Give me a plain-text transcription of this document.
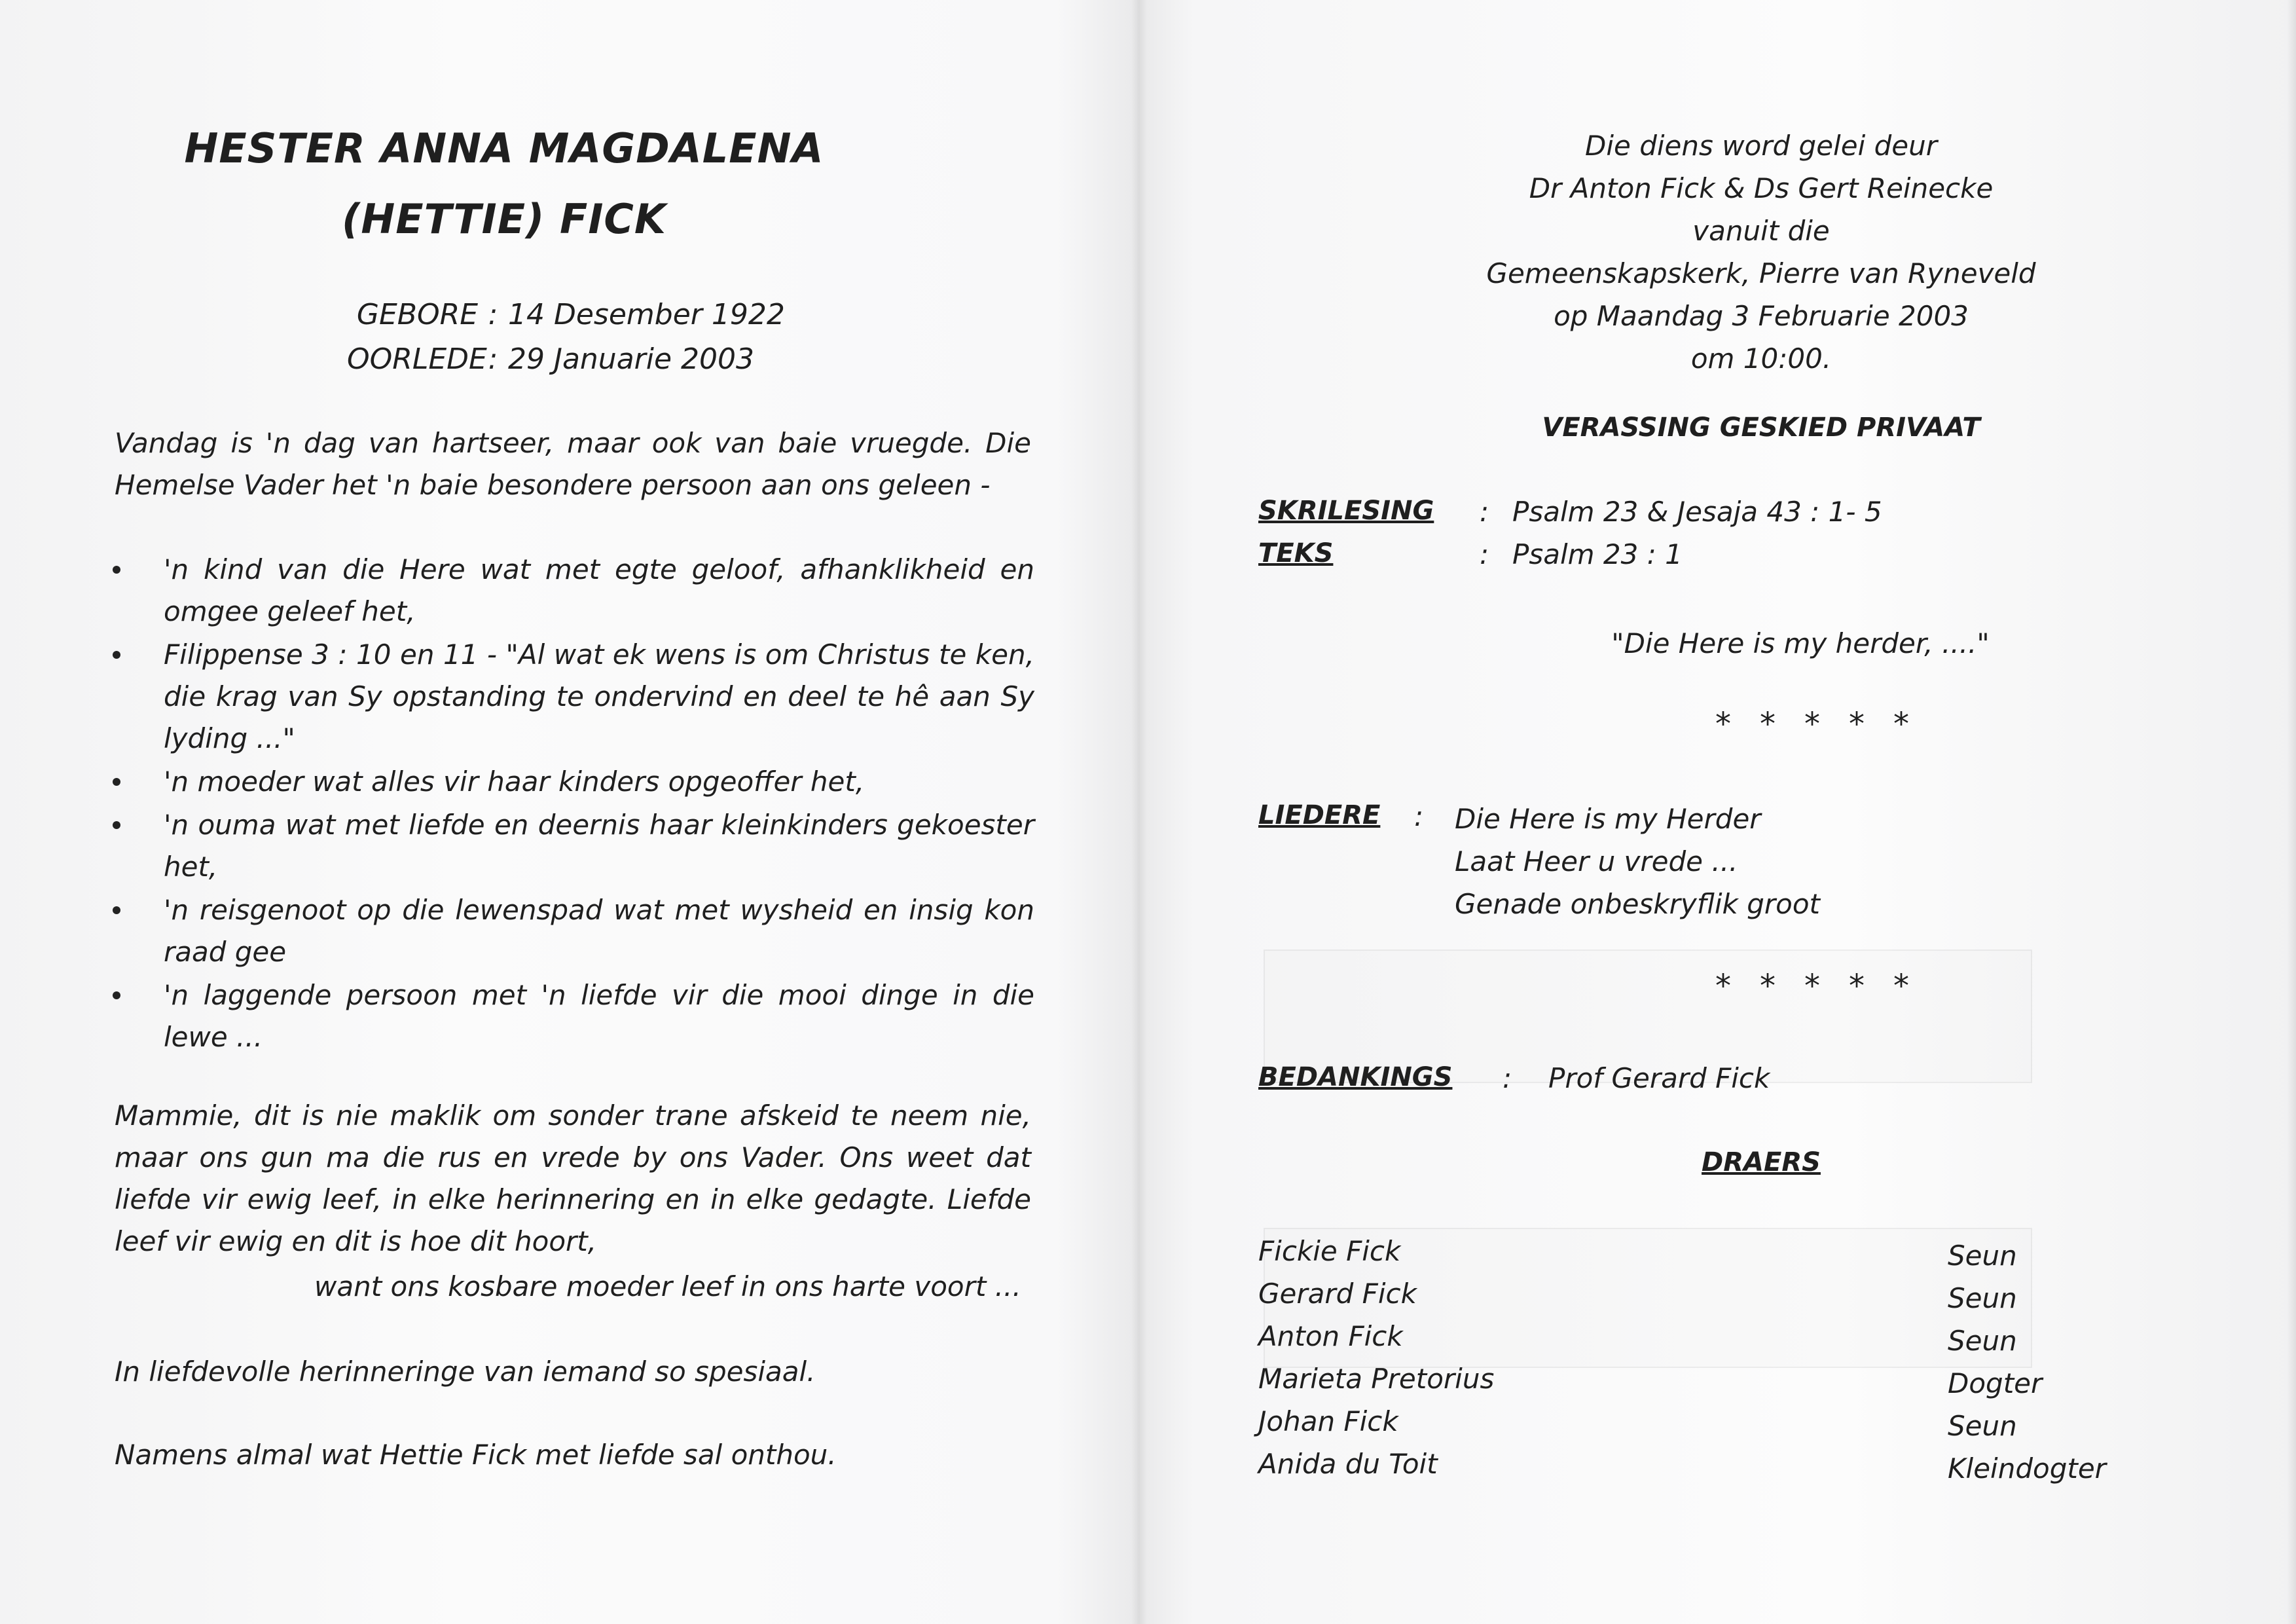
HESTER ANNA MAGDALENA
(HETTIE) FICK
GEBORE : 14 Desember 1922
OORLEDE: 29 Januarie 2003
Vandag is 'n dag van hartseer, maar ook van baie vruegde. Die Hemelse Vader het 'n baie besondere persoon aan ons geleen -
'n kind van die Here wat met egte geloof, afhanklikheid en omgee geleef het,
Filippense 3 : 10 en 11 - "Al wat ek wens is om Christus te ken, die krag van Sy opstanding te ondervind en deel te hê aan Sy lyding ..."
'n moeder wat alles vir haar kinders opgeoffer het,
'n ouma wat met liefde en deernis haar kleinkinders gekoester het,
'n reisgenoot op die lewenspad wat met wysheid en insig kon raad gee
'n laggende persoon met 'n liefde vir die mooi dinge in die lewe ...
Mammie, dit is nie maklik om sonder trane afskeid te neem nie, maar ons gun ma die rus en vrede by ons Vader. Ons weet dat liefde vir ewig leef, in elke herinnering en in elke gedagte. Liefde leef vir ewig en dit is hoe dit hoort,
want ons kosbare moeder leef in ons harte voort ...
In liefdevolle herinneringe van iemand so spesiaal.
Namens almal wat Hettie Fick met liefde sal onthou.
Die diens word gelei deur
Dr Anton Fick & Ds Gert Reinecke
vanuit die
Gemeenskapskerk, Pierre van Ryneveld
op Maandag 3 Februarie 2003
om 10:00.
VERASSING GESKIED PRIVAAT
SKRILESING : Psalm 23 & Jesaja 43 : 1- 5
TEKS	: Psalm 23 : 1
"Die Here is my herder, ...."
*****
LIEDERE : Die Here is my Herder
Laat Heer u vrede ...
Genade onbeskryflik groot
*****
BEDANKINGS : Prof Gerard Fick
DRAERS
Fickie Fick
Gerard Fick
Anton Fick
Marieta Pretorius
Johan Fick
Anida du Toit
Seun
Seun
Seun
Dogter
Seun
Kleindogter
